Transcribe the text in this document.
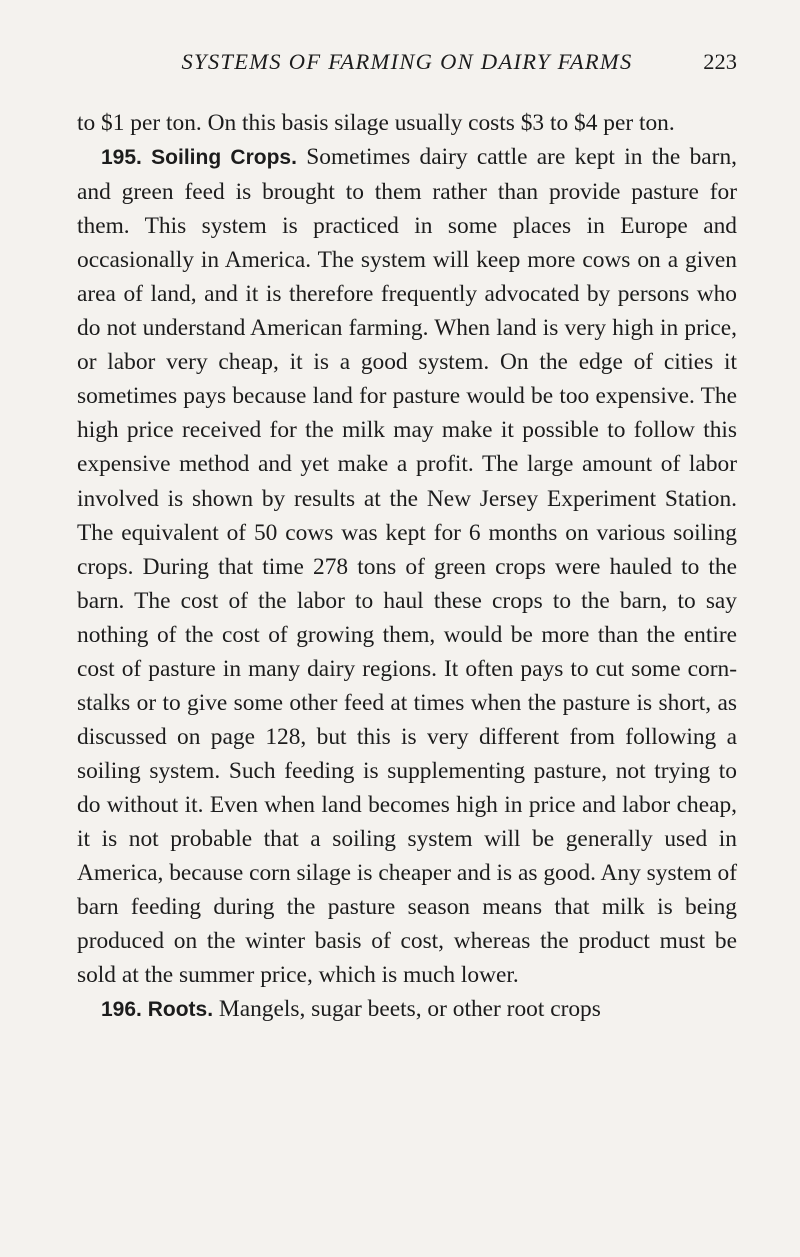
SYSTEMS OF FARMING ON DAIRY FARMS	223

to $1 per ton. On this basis silage usually costs $3 to $4 per ton.

195. Soiling Crops. Sometimes dairy cattle are kept in the barn, and green feed is brought to them rather than provide pasture for them. This system is practiced in some places in Europe and occasionally in America. The system will keep more cows on a given area of land, and it is therefore frequently advocated by persons who do not understand American farming. When land is very high in price, or labor very cheap, it is a good system. On the edge of cities it sometimes pays because land for pasture would be too expensive. The high price received for the milk may make it possible to follow this expensive method and yet make a profit. The large amount of labor involved is shown by results at the New Jersey Experiment Station. The equivalent of 50 cows was kept for 6 months on various soiling crops. During that time 278 tons of green crops were hauled to the barn. The cost of the labor to haul these crops to the barn, to say nothing of the cost of growing them, would be more than the entire cost of pasture in many dairy regions. It often pays to cut some corn-stalks or to give some other feed at times when the pasture is short, as discussed on page 128, but this is very different from following a soiling system. Such feeding is supplementing pasture, not trying to do without it. Even when land becomes high in price and labor cheap, it is not probable that a soiling system will be generally used in America, because corn silage is cheaper and is as good. Any system of barn feeding during the pasture season means that milk is being produced on the winter basis of cost, whereas the product must be sold at the summer price, which is much lower.

196. Roots. Mangels, sugar beets, or other root crops
